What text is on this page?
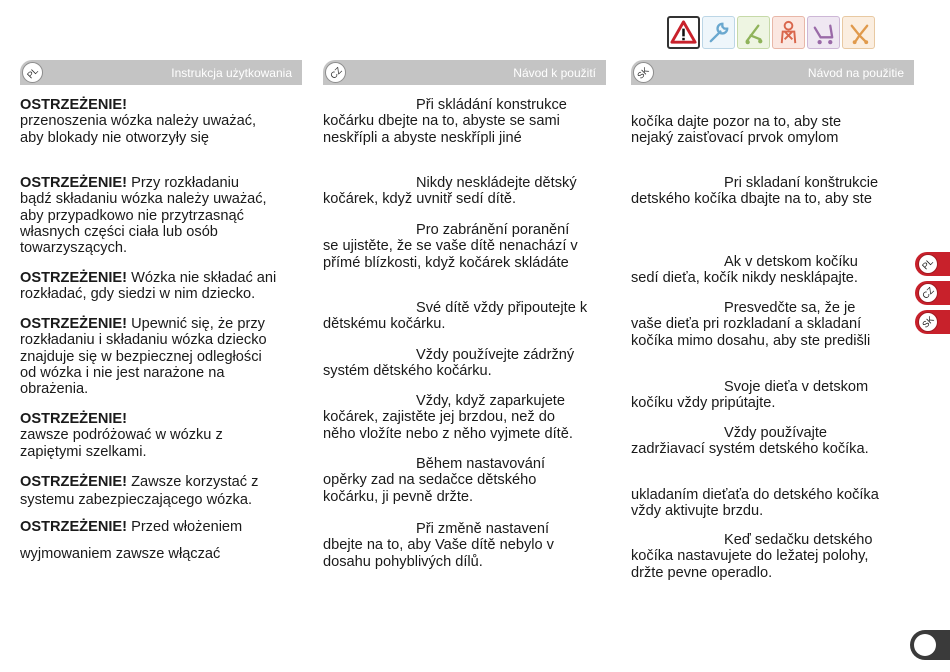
PL	Instrukcja użytkowania	CZ	Návod k použití	SK	Návod na použitie
OSTRZEŻENIE!
przenoszenia wózka należy uważać,
aby blokady nie otworzyły się
OSTRZEŻENIE! Przy rozkładaniu
bądź składaniu wózka należy uważać,
aby przypadkowo nie przytrzasnąć
własnych części ciała lub osób
towarzyszących.
OSTRZEŻENIE! Wózka nie składać ani
rozkładać, gdy siedzi w nim dziecko.
OSTRZEŻENIE! Upewnić się, że przy
rozkładaniu i składaniu wózka dziecko
znajduje się w bezpiecznej odległości
od wózka i nie jest narażone na
obrażenia.
OSTRZEŻENIE!
zawsze podróżować w wózku z
zapiętymi szelkami.
OSTRZEŻENIE! Zawsze korzystać z
systemu zabezpieczającego wózka.
OSTRZEŻENIE! Przed włożeniem
wyjmowaniem zawsze włączać
Při skládání konstrukce
kočárku dbejte na to, abyste se sami
neskřípli a abyste neskřípli jiné
Nikdy neskládejte dětský
kočárek, když uvnitř sedí dítě.
Pro zabránění poranění
se ujistěte, že se vaše dítě nenachází v
přímé blízkosti, když kočárek skládáte
Své dítě vždy připoutejte k
dětskému kočárku.
Vždy používejte zádržný
systém dětského kočárku.
Vždy, když zaparkujete
kočárek, zajistěte jej brzdou, než do
něho vložíte nebo z něho vyjmete dítě.
Během nastavování
opěrky zad na sedačce dětského
kočárku, ji pevně držte.
Při změně nastavení
dbejte na to, aby Vaše dítě nebylo v
dosahu pohyblivých dílů.
kočíka dajte pozor na to, aby ste
nejaký zaisťovací prvok omylom
Pri skladaní konštrukcie
detského kočíka dbajte na to, aby ste
Ak v detskom kočíku
sedí dieťa, kočík nikdy nesklápajte.
Presvedčte sa, že je
vaše dieťa pri rozkladaní a skladaní
kočíka mimo dosahu, aby ste predišli
Svoje dieťa v detskom
kočíku vždy pripútajte.
Vždy používajte
zadržiavací systém detského kočíka.
ukladaním dieťaťa do detského kočíka
vždy aktivujte brzdu.
Keď sedačku detského
kočíka nastavujete do ležatej polohy,
držte pevne operadlo.
PL
CZ
SK
